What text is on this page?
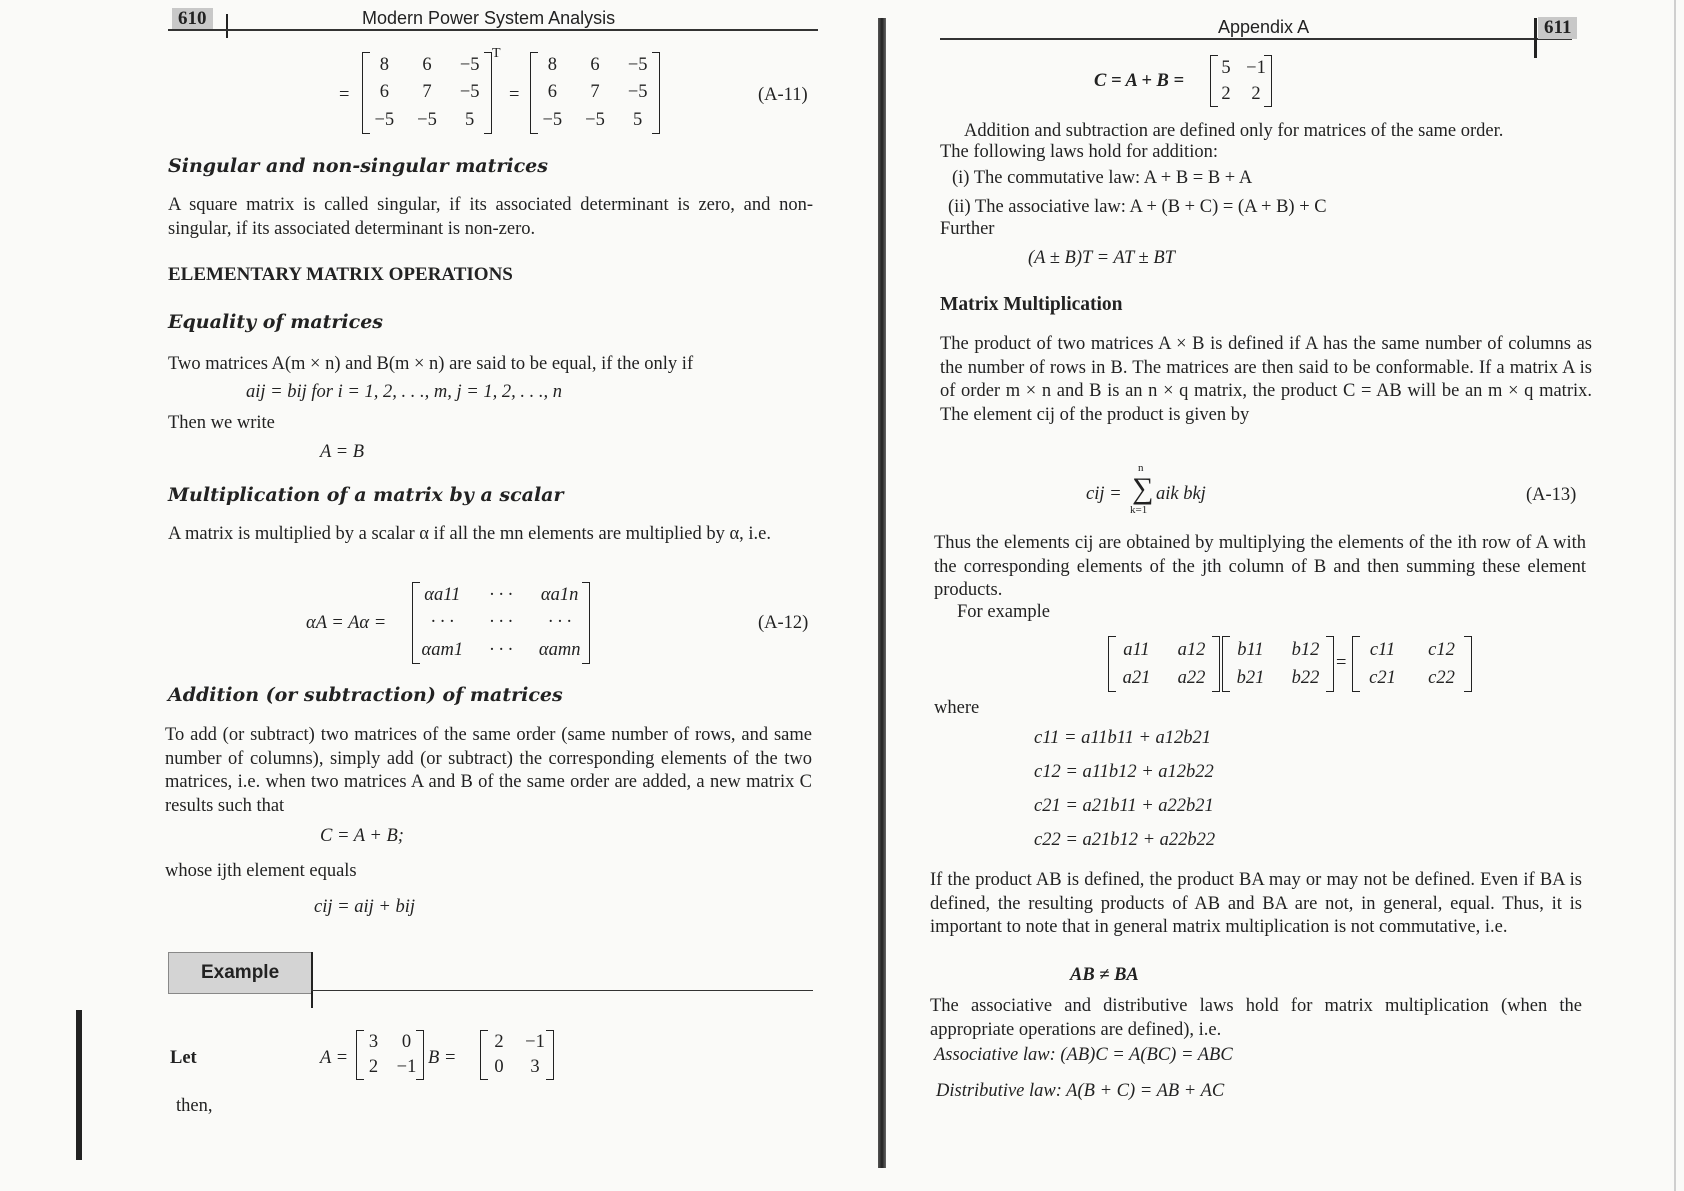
610	Modern Power System Analysis
=
8 6 −5
6 7 −5
−5 −5 5
T
=
8 6 −5
6 7 −5
−5 −5 5
(A-11)
Singular and non-singular matrices
A square matrix is called singular, if its associated determinant is zero, and non-singular, if its associated determinant is non-zero.
ELEMENTARY MATRIX OPERATIONS
Equality of matrices
Two matrices A(m × n) and B(m × n) are said to be equal, if the only if
aij = bij for i = 1, 2, . . ., m, j = 1, 2, . . ., n
Then we write
A = B
Multiplication of a matrix by a scalar
A matrix is multiplied by a scalar α if all the mn elements are multiplied by α, i.e.
αA = Aα =
αa11 · · · αa1n
· · · · · · · · ·
αam1 · · · αamn
(A-12)
Addition (or subtraction) of matrices
To add (or subtract) two matrices of the same order (same number of rows, and same number of columns), simply add (or subtract) the corresponding elements of the two matrices, i.e. when two matrices A and B of the same order are added, a new matrix C results such that
C = A + B;
whose ijth element equals
cij = aij + bij
Example
Let	A =
3 0
2 −1 B =
2 −1
0 3
then,
Appendix A	611
C = A + B =
5 −1
2 2
Addition and subtraction are defined only for matrices of the same order.
The following laws hold for addition:
(i) The commutative law: A + B = B + A
(ii) The associative law: A + (B + C) = (A + B) + C
Further
(A ± B)T = AT ± BT
Matrix Multiplication
The product of two matrices A × B is defined if A has the same number of columns as the number of rows in B. The matrices are then said to be conformable. If a matrix A is of order m × n and B is an n × q matrix, the product C = AB will be an m × q matrix. The element cij of the product is given by
cij =
n
∑
k=1
aik bkj	(A-13)
Thus the elements cij are obtained by multiplying the elements of the ith row of A with the corresponding elements of the jth column of B and then summing these element products.
For example
a11 a12
a21 a22
b11 b12
b21 b22
=
c11 c12
c21 c22
where
c11 = a11b11 + a12b21
c12 = a11b12 + a12b22
c21 = a21b11 + a22b21
c22 = a21b12 + a22b22
If the product AB is defined, the product BA may or may not be defined. Even if BA is defined, the resulting products of AB and BA are not, in general, equal. Thus, it is important to note that in general matrix multiplication is not commutative, i.e.
AB ≠ BA
The associative and distributive laws hold for matrix multiplication (when the appropriate operations are defined), i.e.
Associative law: (AB)C = A(BC) = ABC
Distributive law: A(B + C) = AB + AC
